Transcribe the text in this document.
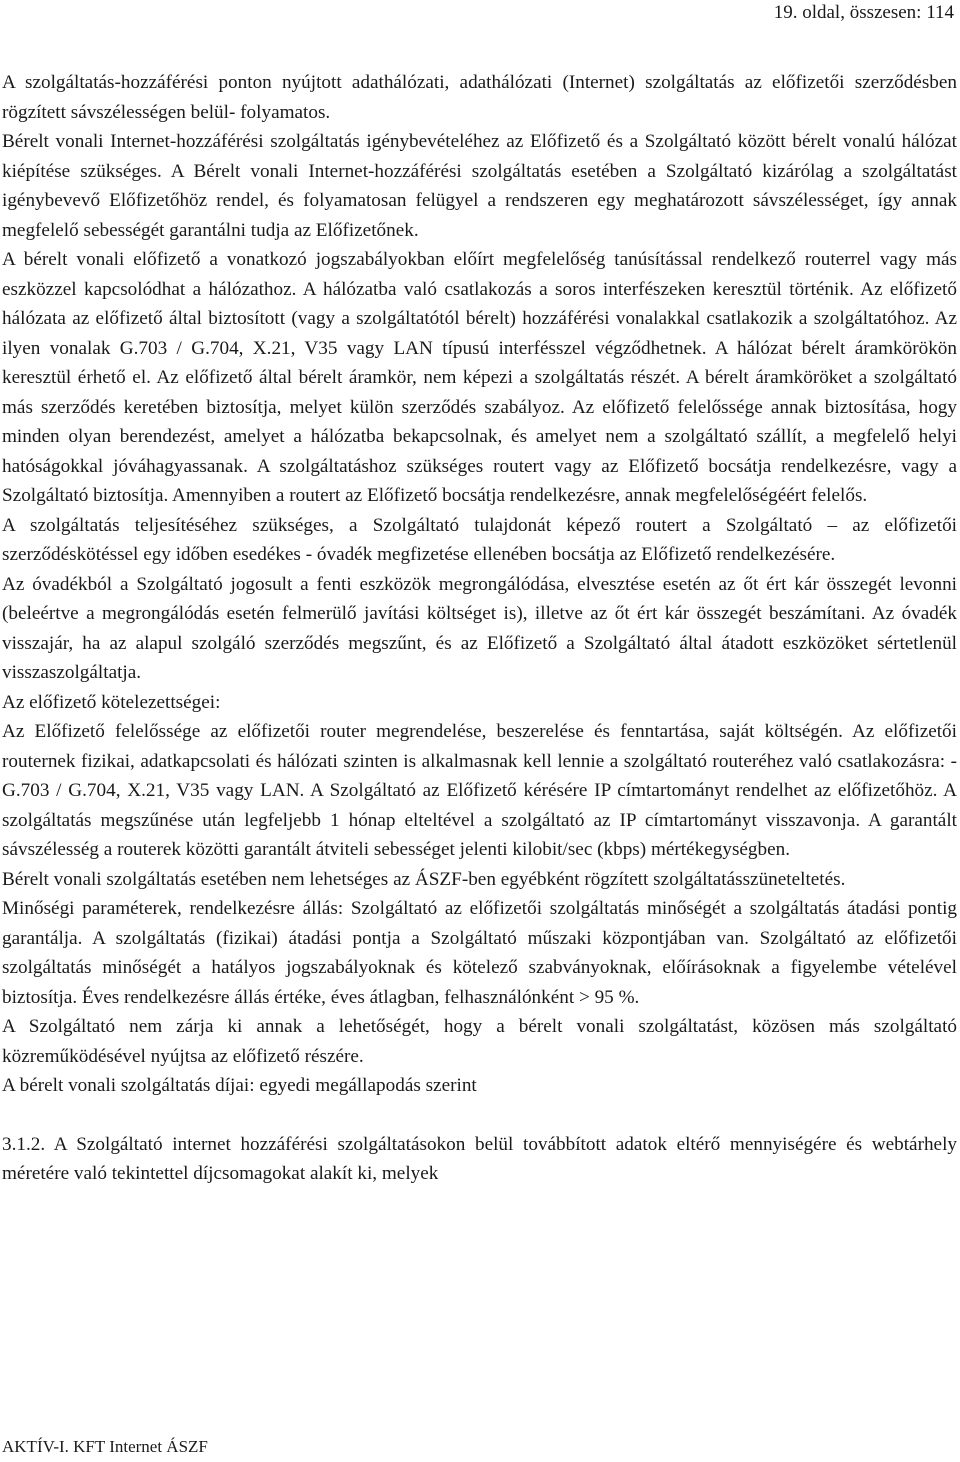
19. oldal, összesen: 114

A szolgáltatás-hozzáférési ponton nyújtott adathálózati, adathálózati (Internet) szolgáltatás az előfizetői szerződésben rögzített sávszélességen belül- folyamatos.

Bérelt vonali Internet-hozzáférési szolgáltatás igénybevételéhez az Előfizető és a Szolgáltató között bérelt vonalú hálózat kiépítése szükséges. A Bérelt vonali Internet-hozzáférési szolgáltatás esetében a Szolgáltató kizárólag a szolgáltatást igénybevevő Előfizetőhöz rendel, és folyamatosan felügyel a rendszeren egy meghatározott sávszélességet, így annak megfelelő sebességét garantálni tudja az Előfizetőnek.

A bérelt vonali előfizető a vonatkozó jogszabályokban előírt megfelelőség tanúsítással rendelkező routerrel vagy más eszközzel kapcsolódhat a hálózathoz. A hálózatba való csatlakozás a soros interfészeken keresztül történik. Az előfizető hálózata az előfizető által biztosított (vagy a szolgáltatótól bérelt) hozzáférési vonalakkal csatlakozik a szolgáltatóhoz. Az ilyen vonalak G.703 / G.704, X.21, V35 vagy LAN típusú interfésszel végződhetnek. A hálózat bérelt áramkörökön keresztül érhető el. Az előfizető által bérelt áramkör, nem képezi a szolgáltatás részét. A bérelt áramköröket a szolgáltató más szerződés keretében biztosítja, melyet külön szerződés szabályoz. Az előfizető felelőssége annak biztosítása, hogy minden olyan berendezést, amelyet a hálózatba bekapcsolnak, és amelyet nem a szolgáltató szállít, a megfelelő helyi hatóságokkal jóváhagyassanak. A szolgáltatáshoz szükséges routert vagy az Előfizető bocsátja rendelkezésre, vagy a Szolgáltató biztosítja. Amennyiben a routert az Előfizető bocsátja rendelkezésre, annak megfelelőségéért felelős.

A szolgáltatás teljesítéséhez szükséges, a Szolgáltató tulajdonát képező routert a Szolgáltató – az előfizetői szerződéskötéssel egy időben esedékes - óvadék megfizetése ellenében bocsátja az Előfizető rendelkezésére.

Az óvadékból a Szolgáltató jogosult a fenti eszközök megrongálódása, elvesztése esetén az őt ért kár összegét levonni (beleértve a megrongálódás esetén felmerülő javítási költséget is), illetve az őt ért kár összegét beszámítani. Az óvadék visszajár, ha az alapul szolgáló szerződés megszűnt, és az Előfizető a Szolgáltató által átadott eszközöket sértetlenül visszaszolgáltatja.

Az előfizető kötelezettségei:

Az Előfizető felelőssége az előfizetői router megrendelése, beszerelése és fenntartása, saját költségén. Az előfizetői routernek fizikai, adatkapcsolati és hálózati szinten is alkalmasnak kell lennie a szolgáltató routeréhez való csatlakozásra: - G.703 / G.704, X.21, V35 vagy LAN. A Szolgáltató az Előfizető kérésére IP címtartományt rendelhet az előfizetőhöz. A szolgáltatás megszűnése után legfeljebb 1 hónap elteltével a szolgáltató az IP címtartományt visszavonja. A garantált sávszélesség a routerek közötti garantált átviteli sebességet jelenti kilobit/sec (kbps) mértékegységben.

Bérelt vonali szolgáltatás esetében nem lehetséges az ÁSZF-ben egyébként rögzített szolgáltatásszüneteltetés.

Minőségi paraméterek, rendelkezésre állás: Szolgáltató az előfizetői szolgáltatás minőségét a szolgáltatás átadási pontig garantálja. A szolgáltatás (fizikai) átadási pontja a Szolgáltató műszaki központjában van. Szolgáltató az előfizetői szolgáltatás minőségét a hatályos jogszabályoknak és kötelező szabványoknak, előírásoknak a figyelembe vételével biztosítja. Éves rendelkezésre állás értéke, éves átlagban, felhasználónként > 95 %.

A Szolgáltató nem zárja ki annak a lehetőségét, hogy a bérelt vonali szolgáltatást, közösen más szolgáltató közreműködésével nyújtsa az előfizető részére.

A bérelt vonali szolgáltatás díjai: egyedi megállapodás szerint

3.1.2. A Szolgáltató internet hozzáférési szolgáltatásokon belül továbbított adatok eltérő mennyiségére és webtárhely méretére való tekintettel díjcsomagokat alakít ki, melyek

AKTÍV-I. KFT Internet ÁSZF
